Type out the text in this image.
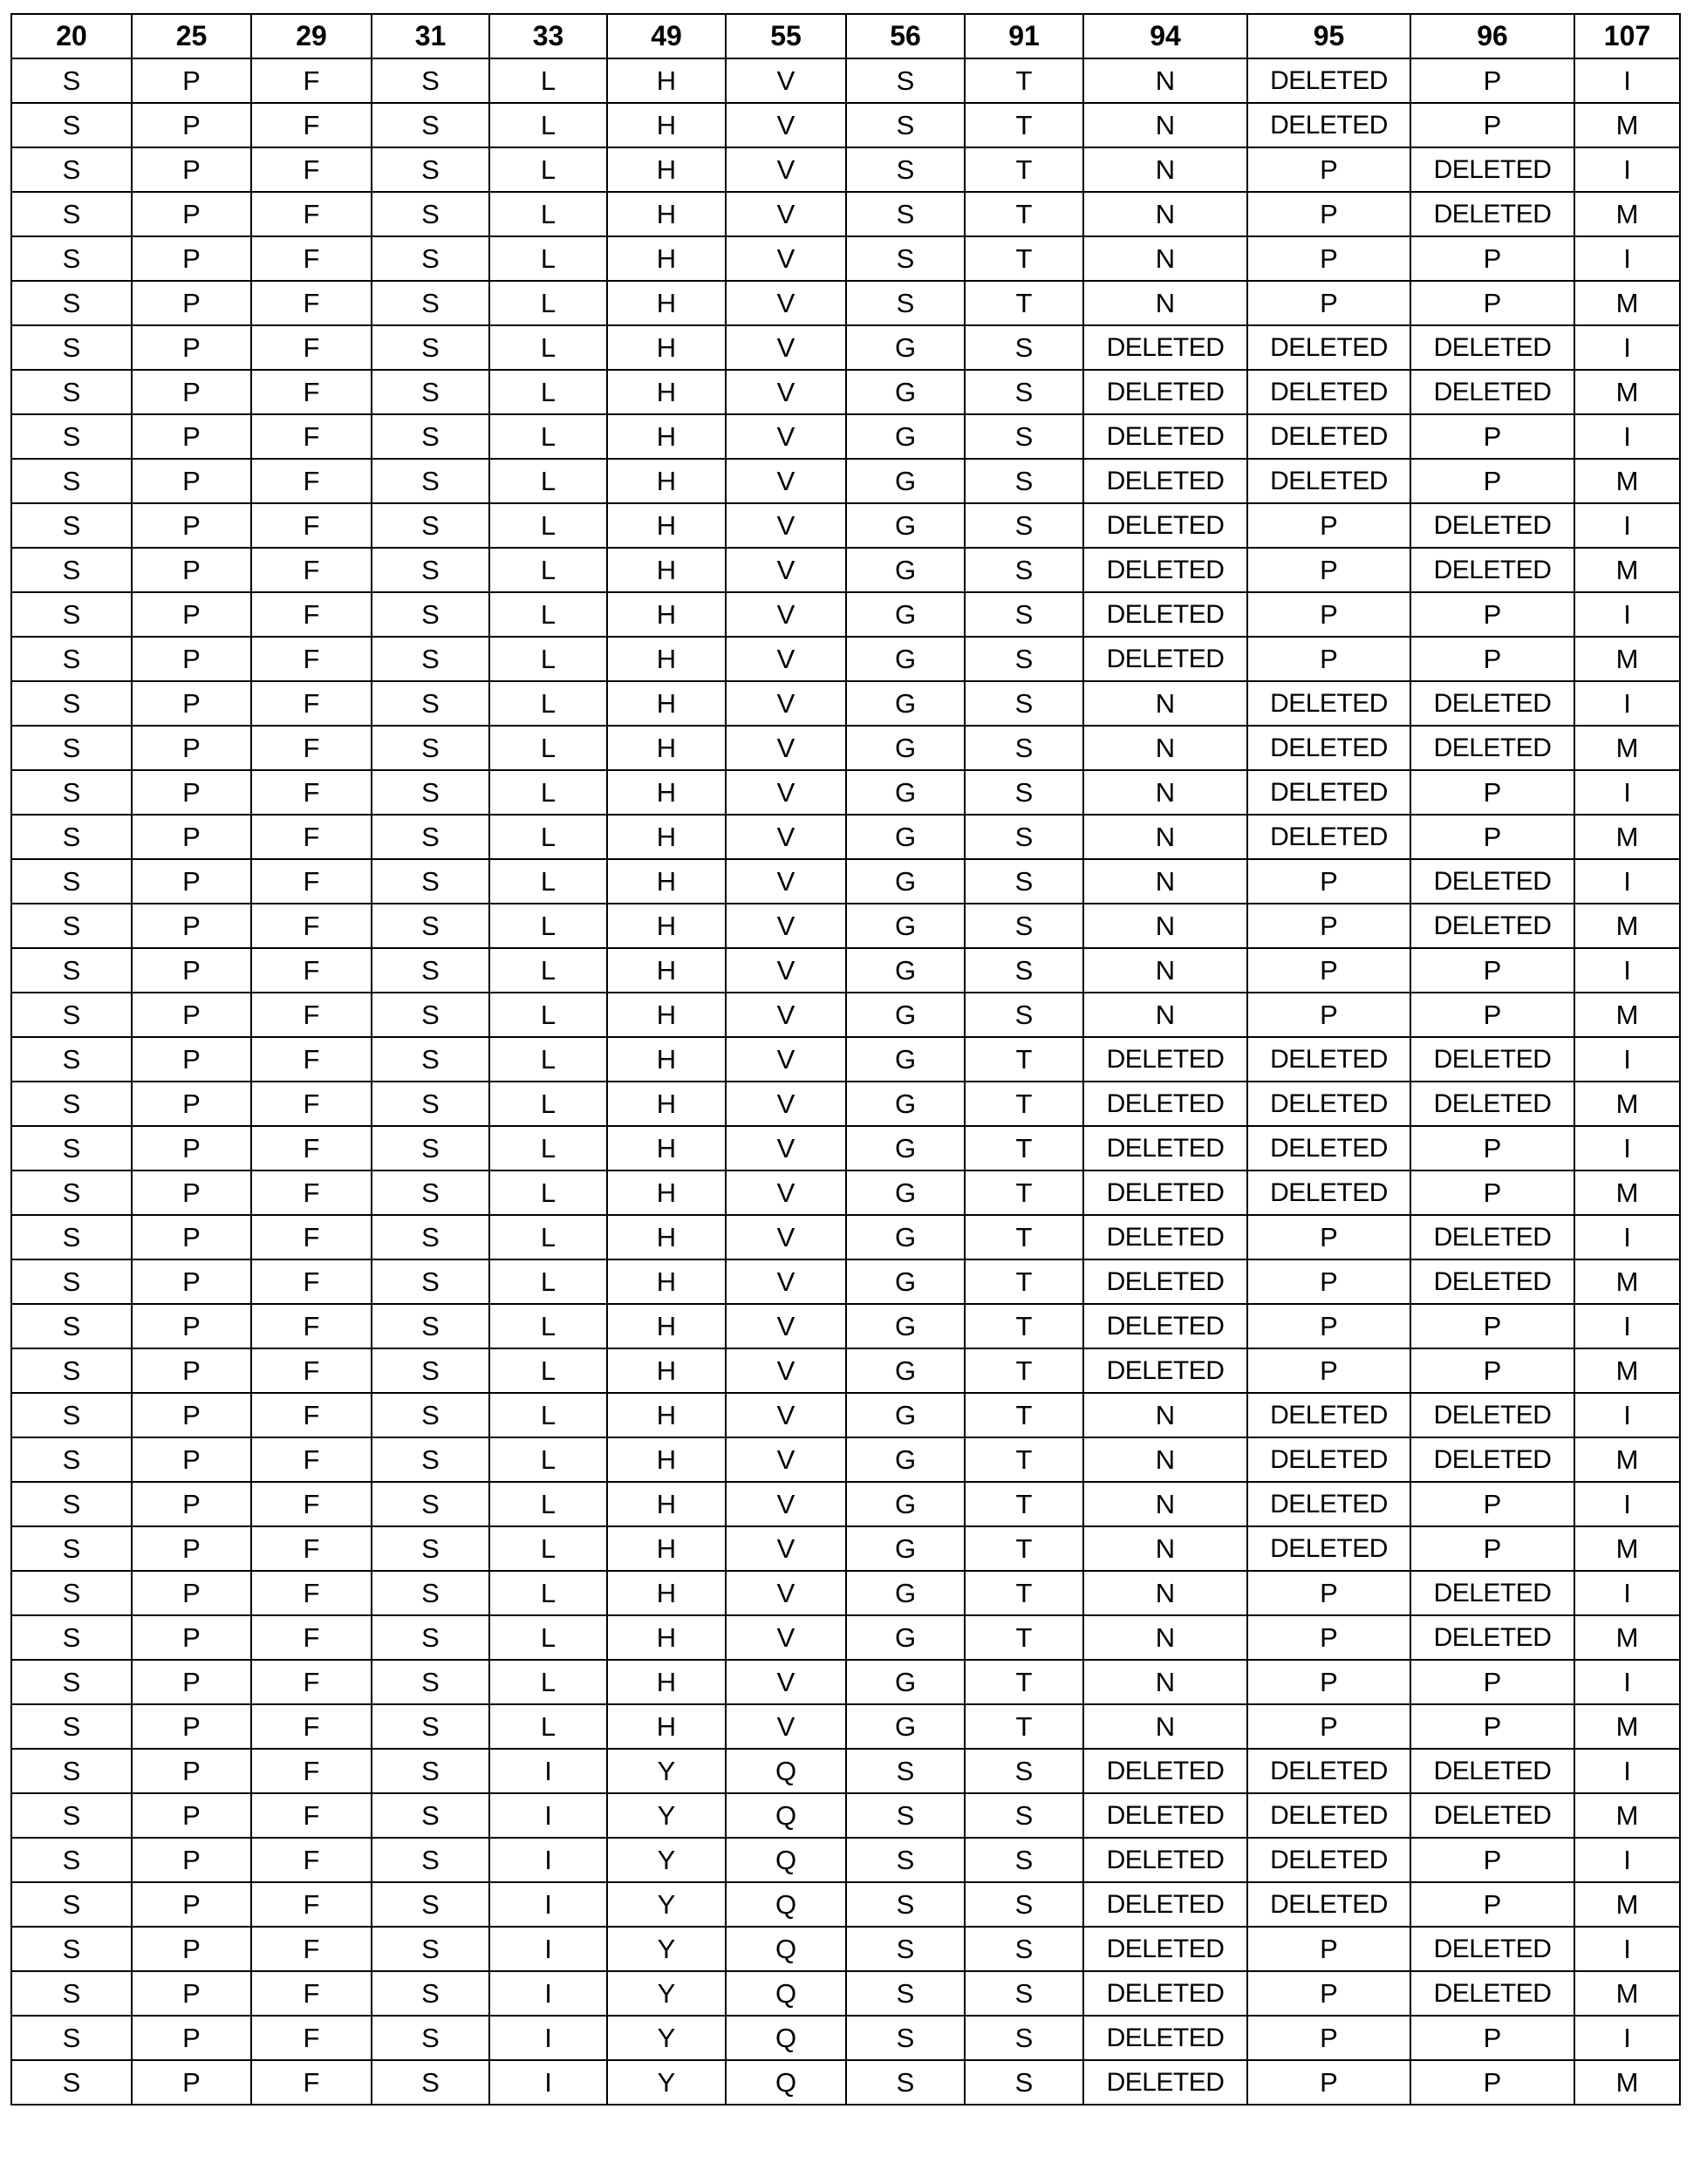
20	25	29	31	33	49	55	56	91	94	95	96	107
S	P	F	S	L	H	V	S	T	N	DELETED	P	I
S	P	F	S	L	H	V	S	T	N	DELETED	P	M
S	P	F	S	L	H	V	S	T	N	P	DELETED	I
S	P	F	S	L	H	V	S	T	N	P	DELETED	M
S	P	F	S	L	H	V	S	T	N	P	P	I
S	P	F	S	L	H	V	S	T	N	P	P	M
S	P	F	S	L	H	V	G	S	DELETED	DELETED	DELETED	I
S	P	F	S	L	H	V	G	S	DELETED	DELETED	DELETED	M
S	P	F	S	L	H	V	G	S	DELETED	DELETED	P	I
S	P	F	S	L	H	V	G	S	DELETED	DELETED	P	M
S	P	F	S	L	H	V	G	S	DELETED	P	DELETED	I
S	P	F	S	L	H	V	G	S	DELETED	P	DELETED	M
S	P	F	S	L	H	V	G	S	DELETED	P	P	I
S	P	F	S	L	H	V	G	S	DELETED	P	P	M
S	P	F	S	L	H	V	G	S	N	DELETED	DELETED	I
S	P	F	S	L	H	V	G	S	N	DELETED	DELETED	M
S	P	F	S	L	H	V	G	S	N	DELETED	P	I
S	P	F	S	L	H	V	G	S	N	DELETED	P	M
S	P	F	S	L	H	V	G	S	N	P	DELETED	I
S	P	F	S	L	H	V	G	S	N	P	DELETED	M
S	P	F	S	L	H	V	G	S	N	P	P	I
S	P	F	S	L	H	V	G	S	N	P	P	M
S	P	F	S	L	H	V	G	T	DELETED	DELETED	DELETED	I
S	P	F	S	L	H	V	G	T	DELETED	DELETED	DELETED	M
S	P	F	S	L	H	V	G	T	DELETED	DELETED	P	I
S	P	F	S	L	H	V	G	T	DELETED	DELETED	P	M
S	P	F	S	L	H	V	G	T	DELETED	P	DELETED	I
S	P	F	S	L	H	V	G	T	DELETED	P	DELETED	M
S	P	F	S	L	H	V	G	T	DELETED	P	P	I
S	P	F	S	L	H	V	G	T	DELETED	P	P	M
S	P	F	S	L	H	V	G	T	N	DELETED	DELETED	I
S	P	F	S	L	H	V	G	T	N	DELETED	DELETED	M
S	P	F	S	L	H	V	G	T	N	DELETED	P	I
S	P	F	S	L	H	V	G	T	N	DELETED	P	M
S	P	F	S	L	H	V	G	T	N	P	DELETED	I
S	P	F	S	L	H	V	G	T	N	P	DELETED	M
S	P	F	S	L	H	V	G	T	N	P	P	I
S	P	F	S	L	H	V	G	T	N	P	P	M
S	P	F	S	I	Y	Q	S	S	DELETED	DELETED	DELETED	I
S	P	F	S	I	Y	Q	S	S	DELETED	DELETED	DELETED	M
S	P	F	S	I	Y	Q	S	S	DELETED	DELETED	P	I
S	P	F	S	I	Y	Q	S	S	DELETED	DELETED	P	M
S	P	F	S	I	Y	Q	S	S	DELETED	P	DELETED	I
S	P	F	S	I	Y	Q	S	S	DELETED	P	DELETED	M
S	P	F	S	I	Y	Q	S	S	DELETED	P	P	I
S	P	F	S	I	Y	Q	S	S	DELETED	P	P	M
